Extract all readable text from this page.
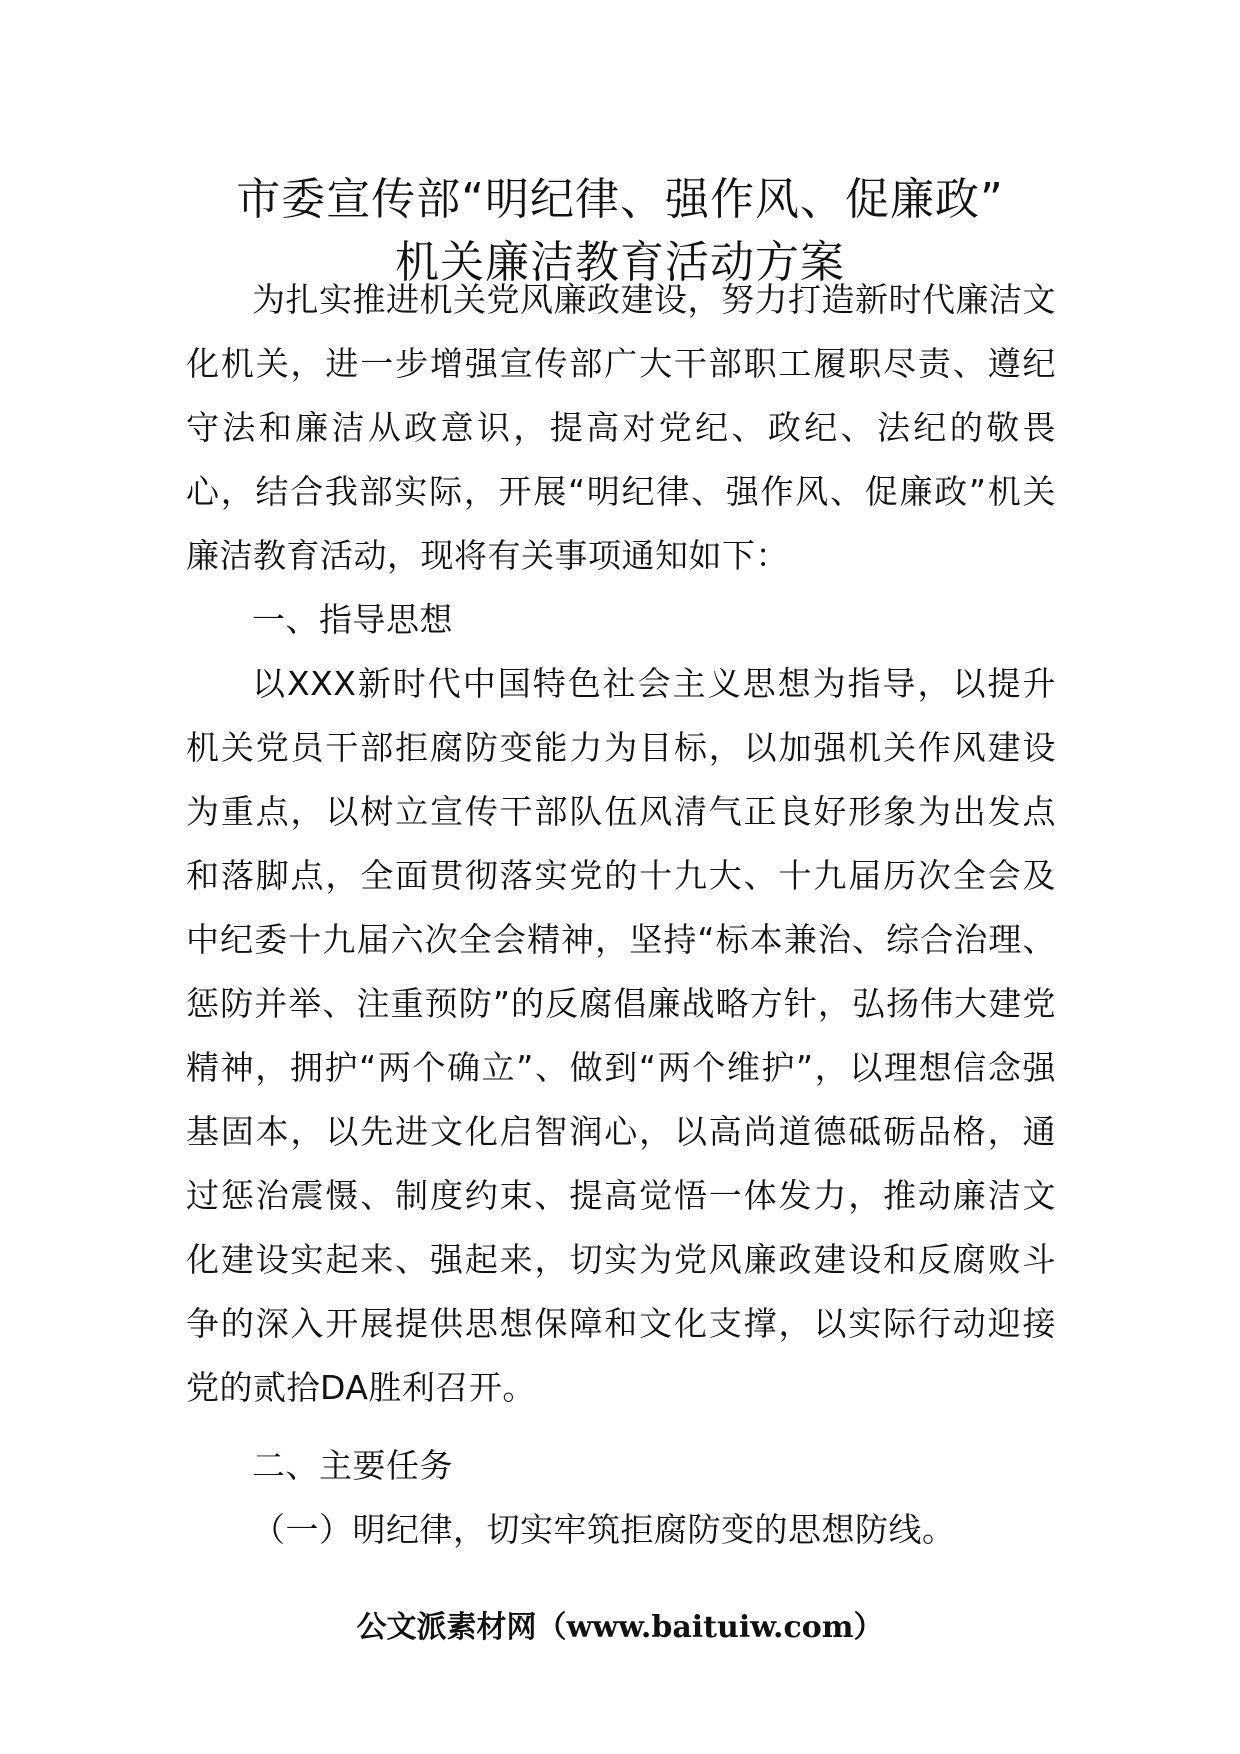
市委宣传部“明纪律、强作风、促廉政”
机关廉洁教育活动方案

为扎实推进机关党风廉政建设，努力打造新时代廉洁文化机关，进一步增强宣传部广大干部职工履职尽责、遵纪守法和廉洁从政意识，提高对党纪、政纪、法纪的敬畏心，结合我部实际，开展“明纪律、强作风、促廉政”机关廉洁教育活动，现将有关事项通知如下：

一、指导思想

以XXX新时代中国特色社会主义思想为指导，以提升机关党员干部拒腐防变能力为目标，以加强机关作风建设为重点，以树立宣传干部队伍风清气正良好形象为出发点和落脚点，全面贯彻落实党的十九大、十九届历次全会及中纪委十九届六次全会精神，坚持“标本兼治、综合治理、惩防并举、注重预防”的反腐倡廉战略方针，弘扬伟大建党精神，拥护“两个确立”、做到“两个维护”，以理想信念强基固本，以先进文化启智润心，以高尚道德砥砺品格，通过惩治震慑、制度约束、提高觉悟一体发力，推动廉洁文化建设实起来、强起来，切实为党风廉政建设和反腐败斗争的深入开展提供思想保障和文化支撑，以实际行动迎接党的贰拾DA胜利召开。

二、主要任务
（一）明纪律，切实牢筑拒腐防变的思想防线。
公文派素材网（www.baituiw.com）
